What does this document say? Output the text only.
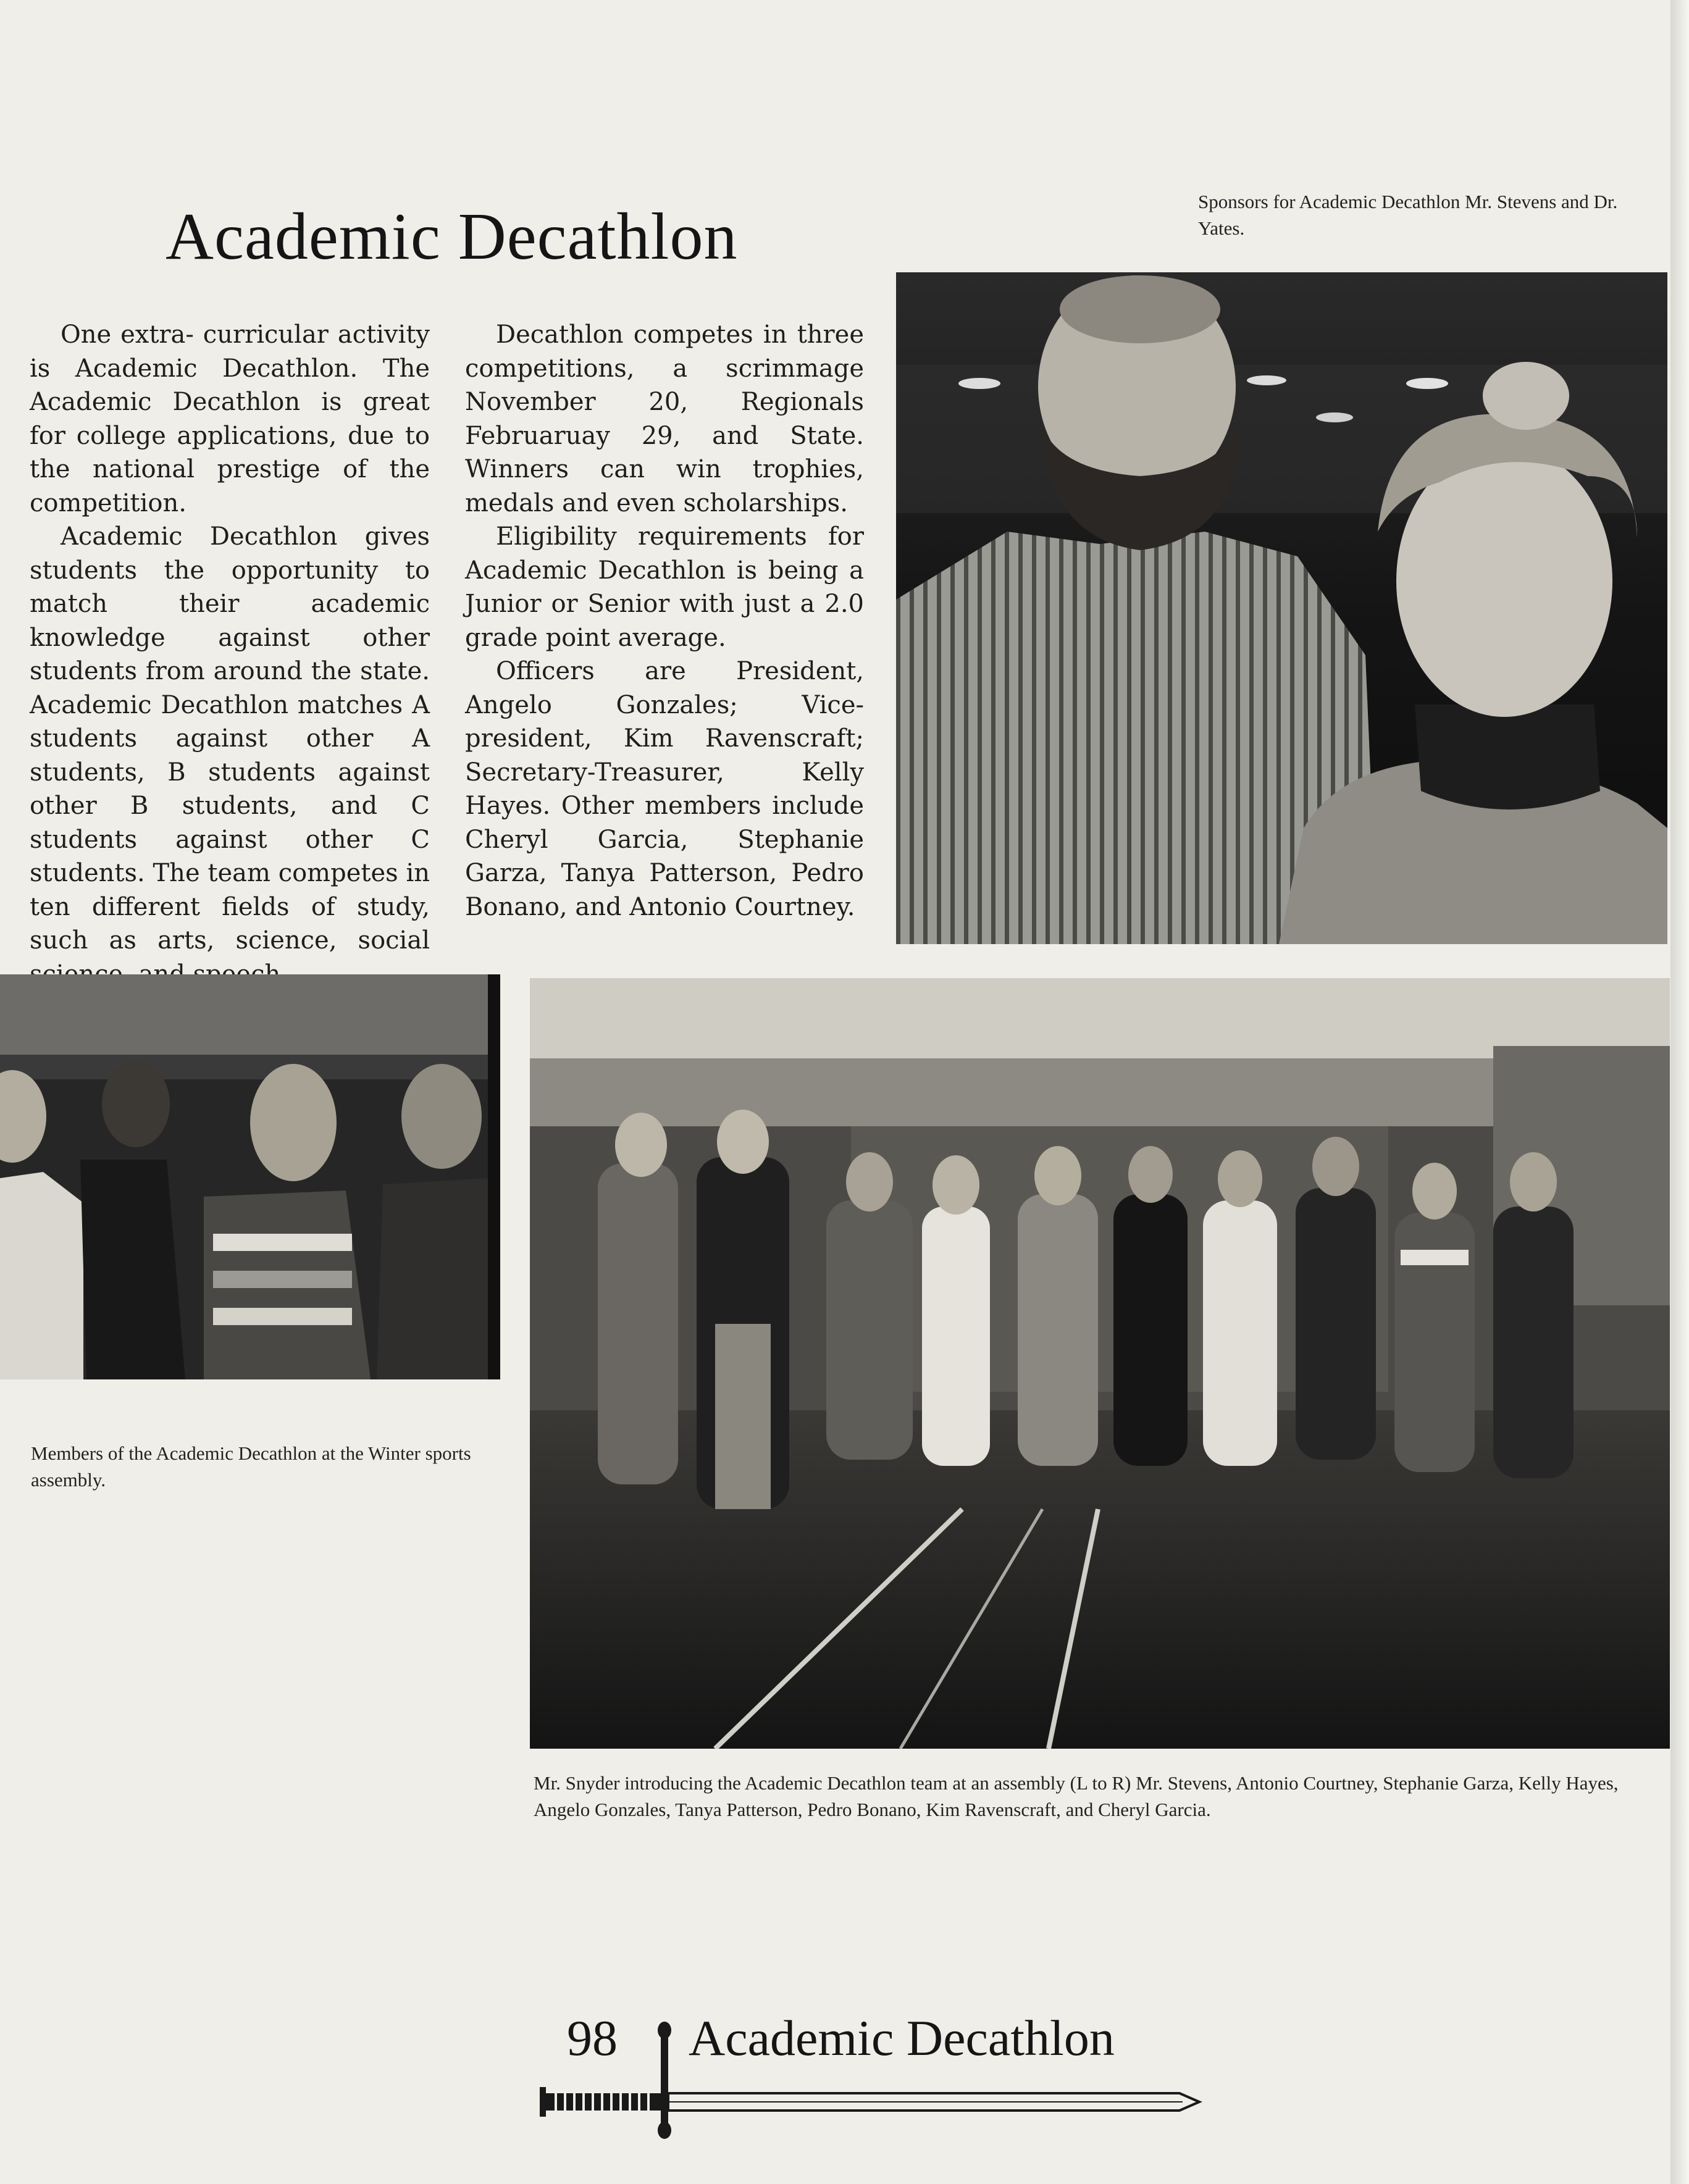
Academic Decathlon

One extra- curricular activity is Academic Decathlon. The Academic Decathlon is great for college applications, due to the national prestige of the competition.

Academic Decathlon gives students the opportunity to match their academic knowledge against other students from around the state. Academic Decathlon matches A students against other A students, B students against other B students, and C students against other C students. The team competes in ten different fields of study, such as arts, science, social

Decathlon competes in three competitions, a scrimmage November 20, Regionals Februaruay 29, and State. Winners can win trophies, medals and even scholarships.

Eligibility requirements for Academic Decathlon is being a Junior or Senior with just a 2.0 grade point average.

Officers are President, Angelo Gonzales; Vice-president, Kim Ravenscraft; Secretary-Treasurer, Kelly Hayes. Other members include Cheryl Garcia, Stephanie Garza, Tanya Patterson, Pedro Bonano, and Antonio Courtney.

Sponsors for Academic Decathlon Mr. Stevens and Dr. Yates.

Members of the Academic Decathlon at the Winter sports assembly.

Mr. Snyder introducing the Academic Decathlon team at an assembly (L to R) Mr. Stevens, Antonio Courtney, Stephanie Garza, Kelly Hayes, Angelo Gonzales, Tanya Patterson, Pedro Bonano, Kim Ravenscraft, and Cheryl Garcia.

98 Academic Decathlon
